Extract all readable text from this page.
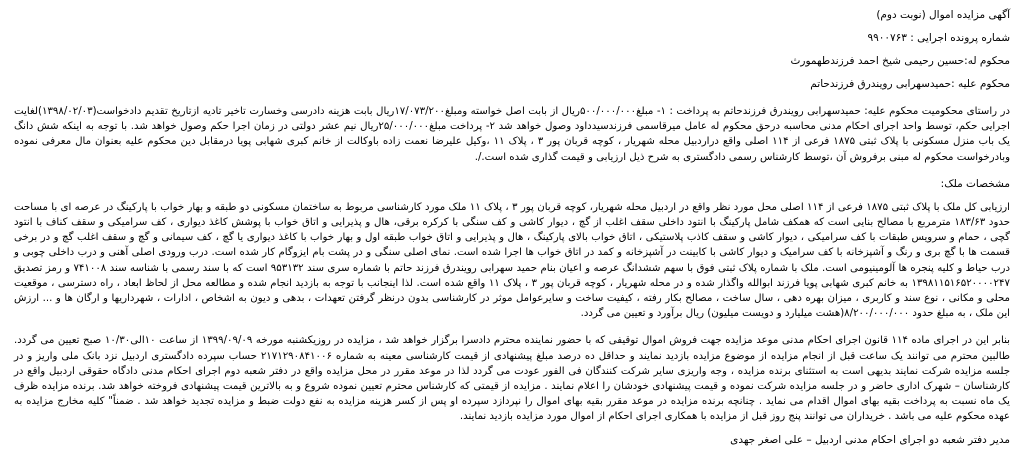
آگهی مزایده اموال (نوبت دوم)

شماره پرونده اجرایی : ۹۹۰۰۷۶۳

محکوم له:حسین رحیمی شیخ احمد فرزندطهمورث

محکوم علیه :حمیدسهرابی رویندرق فرزندحاتم

در راستای محکومیت محکوم علیه: حمیدسهرابی رویندرق فرزندحاتم به پرداخت : ۱- مبلغ۵۰۰/۰۰۰/۰۰۰ریال از بابت اصل خواسته ومبلغ۱۷/۰۷۳/۲۰۰ریال بابت هزینه دادرسی وخسارت تاخیر تادیه ازتاریخ تقدیم دادخواست(۱۳۹۸/۰۲/۰۳)لغایت اجرایی حکم، توسط واحد اجرای احکام مدنی محاسبه درحق محکوم له عامل میرقاسمی فرزندسیدداود وصول خواهد شد ۲- پرداخت مبلغ۲۵/۰۰۰/۰۰۰ریال نیم عشر دولتی در زمان اجرا حکم وصول خواهد شد. با توجه به اینکه شش دانگ یک باب منزل مسکونی با پلاک ثبتی ۱۸۷۵ فرعی از ۱۱۴ اصلی واقع دراردبیل محله شهریار ، کوچه قربان پور ۳ ، پلاک ۱۱ ،وکیل علیرضا نعمت زاده باوکالت از خانم کبری شهابی پویا درمقابل دین محکوم علیه بعنوان مال معرفی نموده وبادرخواست محکوم له مبنی برفروش آن ،توسط کارشناس رسمی دادگستری به شرح ذیل ارزیابی و قیمت گذاری شده است./.

مشخصات ملک:

ارزیابی کل ملک با پلاک ثبتی ۱۸۷۵ فرعی از ۱۱۴ اصلی محل مورد نظر واقع در اردبیل محله شهریار، کوچه قربان پور ۳ ، پلاک ۱۱ ملک مورد کارشناسی مربوط به ساختمان مسکونی دو طبقه و بهار خواب با پارکینگ در عرصه ای با مساحت حدود ۱۸۳/۶۳ مترمربع با مصالح بنایی است که همکف شامل پارکینگ با انتود داخلی سقف اغلب از گچ ، دیوار کاشی و کف سنگی با کرکره برقی، هال و پذیرایی و اتاق خواب با پوشش کاغذ دیواری ، کف سرامیکی و سقف کناف با انتود گچی ، حمام و سرویس طبقات با کف سرامیکی ، دیوار کاشی و سقف کاذب پلاستیکی ، اتاق خواب بالای پارکینگ ، هال و پذیرایی و اتاق خواب طبقه اول و بهار خواب با کاغذ دیواری یا گچ ، کف سیمانی و گچ و سقف اغلب گچ و در برخی قسمت ها با گچ بری و رنگ و آشپزخانه با کف سرامیک و دیوار کاشی با کابینت در آشپزخانه و کمد در اتاق خواب ها اجرا شده است. نمای اصلی سنگی و در پشت بام ایزوگام کار شده است. درب ورودی اصلی آهنی و درب داخلی چوبی و درب حیاط و کلیه پنجره ها آلومینیومی است. ملک با شماره پلاک ثبتی فوق با سهم ششدانگ عرصه و اعیان بنام حمید سهرابی رویندرق فرزند حاتم با شماره سری سند ۹۵۳۱۳۲ است که با سند رسمی با شناسه سند ۷۴۱۰۰۸ و رمز تصدیق ۱۳۹۸۱۱۵۱۶۵۲۰۰۰۰۲۴۷ به خانم کبری شهابی پویا فرزند ابوالله واگذار شده و در محله شهریار ، کوچه قربان پور ۳ ، پلاک ۱۱ واقع شده است. لذا اینجانب با توجه به بازدید انجام شده و مطالعه محل از لحاظ ابعاد ، راه دسترسی ، موقعیت محلی و مکانی ، نوع سند و کاربری ، میزان بهره دهی ، سال ساخت ، مصالح بکار رفته ، کیفیت ساخت و سایرعوامل موثر در کارشناسی بدون درنظر گرفتن تعهدات ، بدهی و دیون به اشخاص ، ادارات ، شهرداریها و ارگان ها و ... ارزش این ملک ، به مبلغ حدود ۸/۲۰۰/۰۰۰/۰۰۰(هشت میلیارد و دویست میلیون) ریال برآورد و تعیین می گردد.

بنابر این در اجرای ماده ۱۱۴ قانون اجرای احکام مدنی موعد مزایده جهت فروش اموال توقیفی که با حضور نماینده محترم دادسرا برگزار خواهد شد ، مزایده در روزیکشنبه مورخه ۱۳۹۹/۰۹/۰۹ از ساعت ۱۰الی۱۰/۳۰ صبح تعیین می گردد. طالبین محترم می توانند یک ساعت قبل از انجام مزایده از موضوع مزایده بازدید نمایند و حداقل ده درصد مبلغ پیشنهادی از قیمت کارشناسی معینه به شماره ۲۱۷۱۲۹۰۸۴۱۰۰۶ حساب سپرده دادگستری اردبیل نزد بانک ملی واریز و در جلسه مزایده شرکت نمایند بدیهی است به استثنای برنده مزایده ، وجه واریزی سایر شرکت کنندگان فی الفور عودت می گردد لذا در موعد مقرر در محل مزایده واقع در دفتر شعبه دوم اجرای احکام مدنی دادگاه حقوقی اردبیل واقع در کارشناسان – شهرک اداری حاضر و در جلسه مزایده شرکت نموده و قیمت پیشنهادی خودشان را اعلام نمایند . مزایده از قیمتی که کارشناس محترم تعیین نموده شروع و به بالاترین قیمت پیشنهادی فروخته خواهد شد. برنده مزایده ظرف یک ماه نسبت به پرداخت بقیه بهای اموال اقدام می نماید . چنانچه برنده مزایده در موعد مقرر بقیه بهای اموال را نپردازد سپرده او پس از کسر هزینه مزایده به نفع دولت ضبط و مزایده تجدید خواهد شد . ضمناً" کلیه مخارج مزایده به عهده محکوم علیه می باشد . خریداران می توانند پنج روز قبل از مزایده با همکاری اجرای احکام از اموال مورد مزایده بازدید نمایند.

مدیر دفتر شعبه دو اجرای احکام مدنی اردبیل – علی اصغر جهدی
